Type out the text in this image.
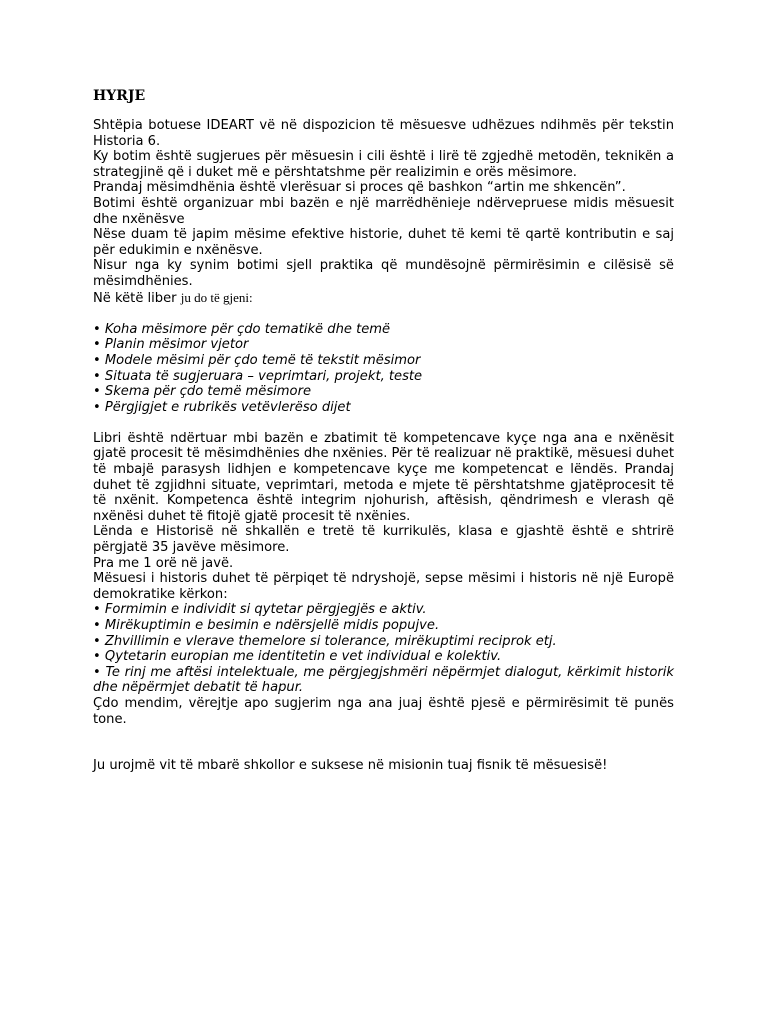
HYRJE

Shtëpia botuese IDEART vë në dispozicion të mësuesve udhëzues ndihmës për tekstin Historia 6.

Ky botim është sugjerues për mësuesin i cili është i lirë të zgjedhë metodën, teknikën a strategjinë që i duket më e përshtatshme për realizimin e orës mësimore.

Prandaj mësimdhënia është vlerësuar si proces që bashkon “artin me shkencën”.

Botimi është organizuar mbi bazën e një marrëdhënieje ndërvepruese midis mësuesit dhe nxënësve

Nëse duam të japim mësime efektive historie, duhet të kemi të qartë kontributin e saj për edukimin e nxënësve.

Nisur nga ky synim botimi sjell praktika që mundësojnë përmirësimin e cilësisë së mësimdhënies.

Në këtë liber ju do të gjeni:

• Koha mësimore për çdo tematikë dhe temë
• Planin mësimor vjetor
• Modele mësimi për çdo temë të tekstit mësimor
• Situata të sugjeruara – veprimtari, projekt, teste
• Skema për çdo temë mësimore
• Përgjigjet e rubrikës vetëvlerëso dijet

Libri është ndërtuar mbi bazën e zbatimit të kompetencave kyçe nga ana e nxënësit gjatë procesit të mësimdhënies dhe nxënies. Për të realizuar në praktikë, mësuesi duhet të mbajë parasysh lidhjen e kompetencave kyçe me kompetencat e lëndës. Prandaj duhet të zgjidhni situate, veprimtari, metoda e mjete të përshtatshme gjatëprocesit të të nxënit. Kompetenca është integrim njohurish, aftësish, qëndrimesh e vlerash që nxënësi duhet të fitojë gjatë procesit të nxënies.

Lënda e Historisë në shkallën e tretë të kurrikulës, klasa e gjashtë është e shtrirë përgjatë 35 javëve mësimore.

Pra me 1 orë në javë.

Mësuesi i historis duhet të përpiqet të ndryshojë, sepse mësimi i historis në një Europë demokratike kërkon:

• Formimin e individit si qytetar përgjegjës e aktiv.
• Mirëkuptimin e besimin e ndërsjellë midis popujve.
• Zhvillimin e vlerave themelore si tolerance, mirëkuptimi reciprok etj.
• Qytetarin europian me identitetin e vet individual e kolektiv.
• Te rinj me aftësi intelektuale, me përgjegjshmëri nëpërmjet dialogut, kërkimit historik dhe nëpërmjet debatit të hapur.

Çdo mendim, vërejtje apo sugjerim nga ana juaj është pjesë e përmirësimit të punës tone.

Ju urojmë vit të mbarë shkollor e suksese në misionin tuaj fisnik të mësuesisë!
